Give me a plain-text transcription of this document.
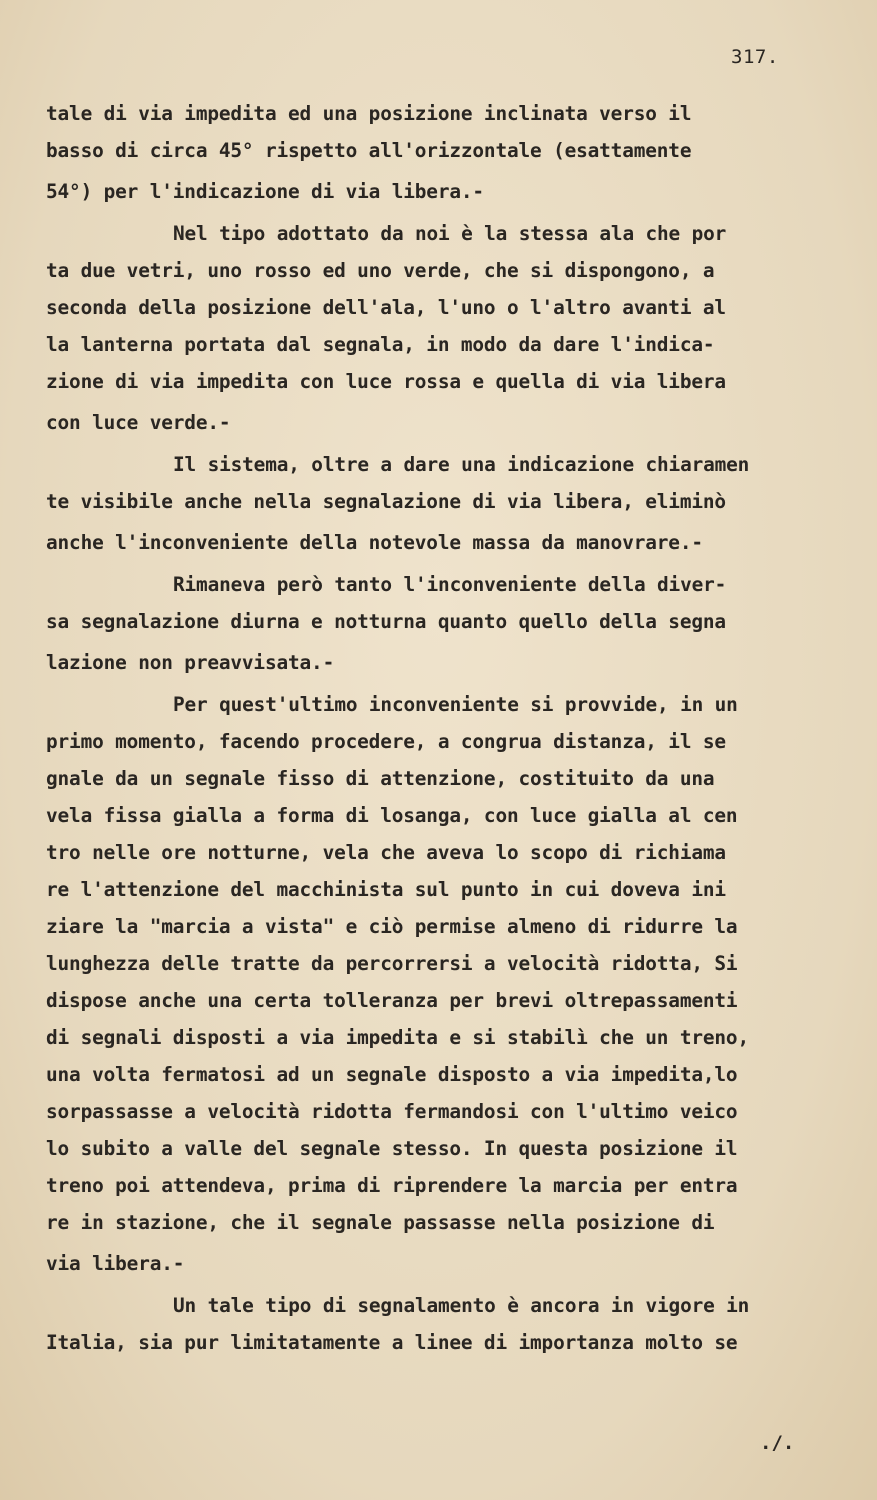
317.
tale di via impedita ed una posizione inclinata verso il
basso di circa 45° rispetto all'orizzontale (esattamente
54°) per l'indicazione di via libera.-
Nel tipo adottato da noi è la stessa ala che por
ta due vetri, uno rosso ed uno verde, che si dispongono, a
seconda della posizione dell'ala, l'uno o l'altro avanti al
la lanterna portata dal segnala, in modo da dare l'indica-
zione di via impedita con luce rossa e quella di via libera
con luce verde.-
Il sistema, oltre a dare una indicazione chiaramen
te visibile anche nella segnalazione di via libera, eliminò
anche l'inconveniente della notevole massa da manovrare.-
Rimaneva però tanto l'inconveniente della diver-
sa segnalazione diurna e notturna quanto quello della segna
lazione non preavvisata.-
Per quest'ultimo inconveniente si provvide, in un
primo momento, facendo procedere, a congrua distanza, il se
gnale da un segnale fisso di attenzione, costituito da una
vela fissa gialla a forma di losanga, con luce gialla al cen
tro nelle ore notturne, vela che aveva lo scopo di richiama
re l'attenzione del macchinista sul punto in cui doveva ini
ziare la "marcia a vista" e ciò permise almeno di ridurre la
lunghezza delle tratte da percorrersi a velocità ridotta, Si
dispose anche una certa tolleranza per brevi oltrepassamenti
di segnali disposti a via impedita e si stabilì che un treno,
una volta fermatosi ad un segnale disposto a via impedita,lo
sorpassasse a velocità ridotta fermandosi con l'ultimo veico
lo subito a valle del segnale stesso. In questa posizione il
treno poi attendeva, prima di riprendere la marcia per entra
re in stazione, che il segnale passasse nella posizione di
via libera.-
Un tale tipo di segnalamento è ancora in vigore in
Italia, sia pur limitatamente a linee di importanza molto se
./.
